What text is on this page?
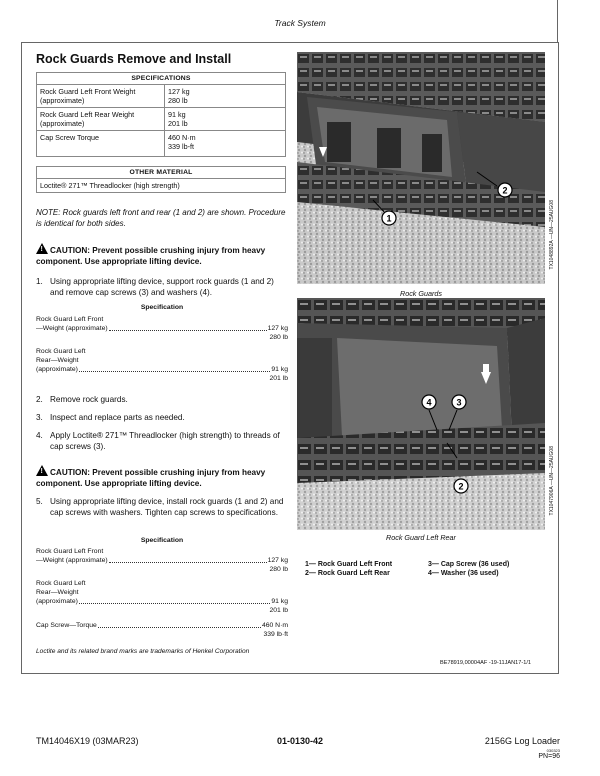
Track System
Rock Guards Remove and Install
SPECIFICATIONS	
Rock Guard Left Front Weight (approximate)	127 kg
280 lb

Rock Guard Left Rear Weight (approximate)	91 kg
201 lb

Cap Screw Torque	460 N·m
339 lb-ft
OTHER MATERIAL
Loctite® 271™ Threadlocker (high strength)
NOTE: Rock guards left front and rear (1 and 2) are shown. Procedure is identical for both sides.
!CAUTION: Prevent possible crushing injury from heavy component. Use appropriate lifting device.
1. Using appropriate lifting device, support rock guards (1 and 2) and remove cap screws (3) and washers (4).
Specification
Rock Guard Left Front
—Weight (approximate)	127 kg
280 lb
Rock Guard Left
Rear—Weight
(approximate)	91 kg
201 lb
2. Remove rock guards.
3. Inspect and replace parts as needed.
4. Apply Loctite® 271™ Threadlocker (high strength) to threads of cap screws (3).
!CAUTION: Prevent possible crushing injury from heavy component. Use appropriate lifting device.
5. Using appropriate lifting device, install rock guards (1 and 2) and cap screws with washers. Tighten cap screws to specifications.
Specification
Rock Guard Left Front
—Weight (approximate)	127 kg
280 lb
Rock Guard Left
Rear—Weight
(approximate)	91 kg
201 lb
Cap Screw—Torque	460 N·m
339 lb·ft
Loctite and its related brand marks are trademarks of Henkel Corporation
1
2
TX1048892A —UN—25AUG08
Rock Guards
4	3
2	TX1047906A —UN—25AUG08
Rock Guard Left Rear
1— Rock Guard Left Front
2— Rock Guard Left Rear
3— Cap Screw (36 used)
4— Washer (36 used)
BE78919,00004AF -19-11JAN17-1/1
TM14046X19 (03MAR23)	01-0130-42	2156G Log Loader
030323
PN=96
